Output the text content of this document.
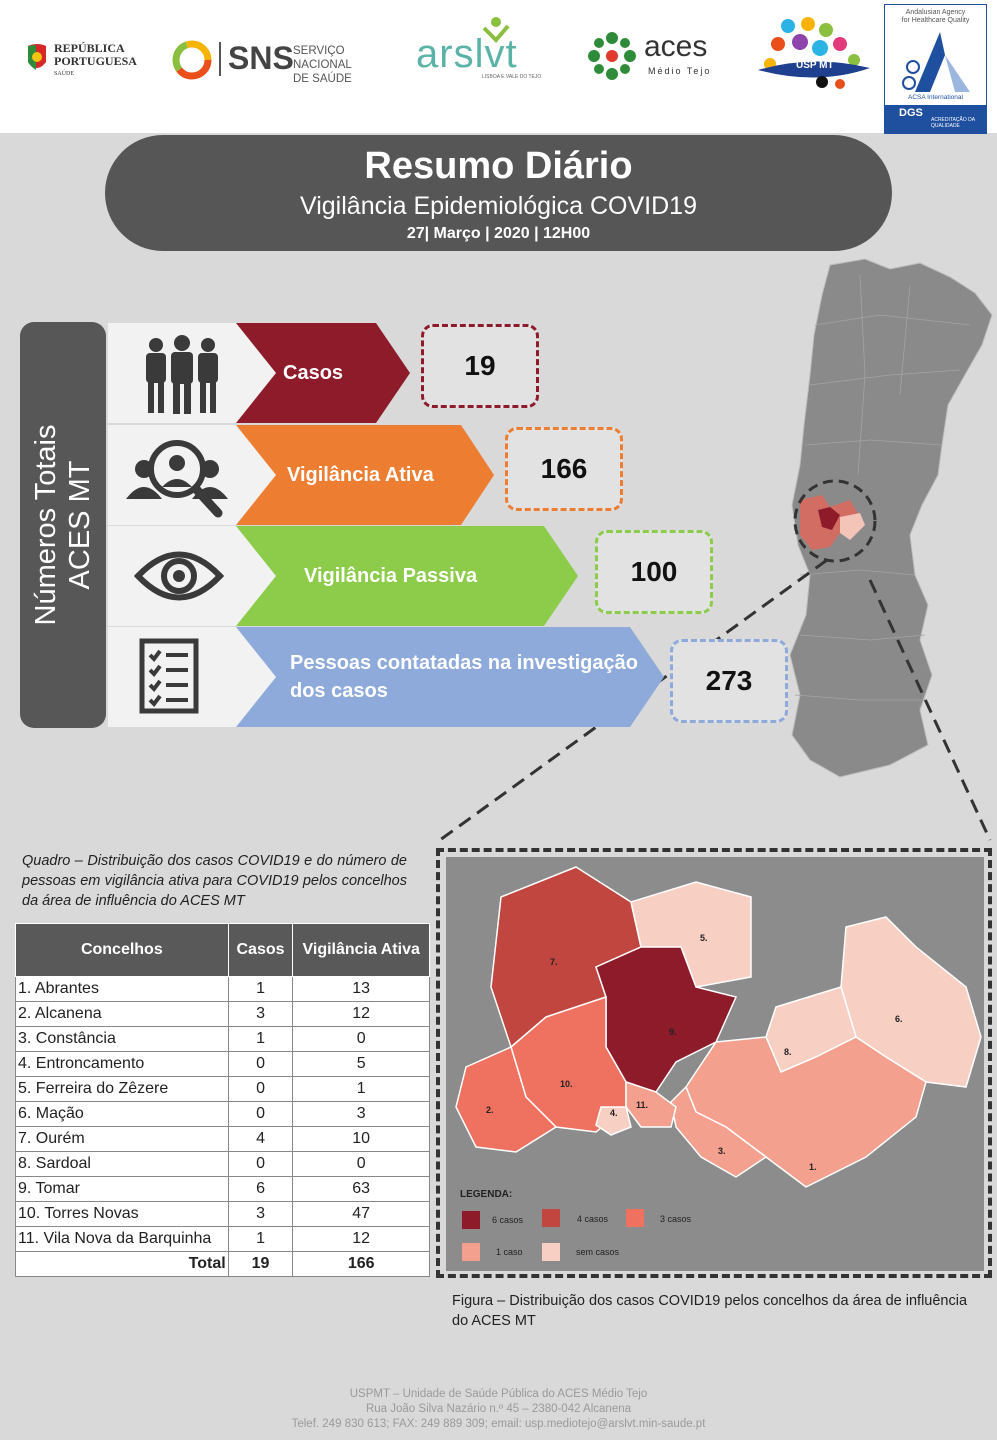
REPÚBLICA
PORTUGUESA
SAÚDE	SNS SERVIÇO NACIONAL
DE SAÚDE
arslvt
LISBOA E VALE DO TEJO
aces
Médio Tejo	USP MT
Andalusian Agency
for Healthcare Quality
ACSA International
DGS
ACREDITAÇÃO DA QUALIDADE
Resumo Diário
Vigilância Epidemiológica COVID19
27| Março | 2020 | 12H00
Números Totais ACES MT
Casos	19
Vigilância Ativa	166
Vigilância Passiva	100
Pessoas contatadas na investigação dos casos	273
Quadro – Distribuição dos casos COVID19 e do número de pessoas em vigilância ativa para COVID19 pelos concelhos da área de influência do ACES MT
Concelhos	Casos	Vigilância Ativa
1. Abrantes	1	13
2. Alcanena	3	12
3. Constância	1	0
4. Entroncamento	0	5
5. Ferreira do Zêzere	0	1
6. Mação	0	3
7. Ourém	4	10
8. Sardoal	0	0
9. Tomar	6	63
10. Torres Novas	3	47
11. Vila Nova da Barquinha	1	12
Total	19	166
1.
2.
3.
4.
5.
6.
7.
8.
9.
10.
11.
LEGENDA:
6 casos	4 casos	3 casos
1 caso	sem casos
Figura – Distribuição dos casos COVID19 pelos concelhos da área de influência do ACES MT
USPMT – Unidade de Saúde Pública do ACES Médio Tejo
Rua João Silva Nazário n.º 45 – 2380-042 Alcanena
Telef. 249 830 613; FAX: 249 889 309; email: usp.mediotejo@arslvt.min-saude.pt
